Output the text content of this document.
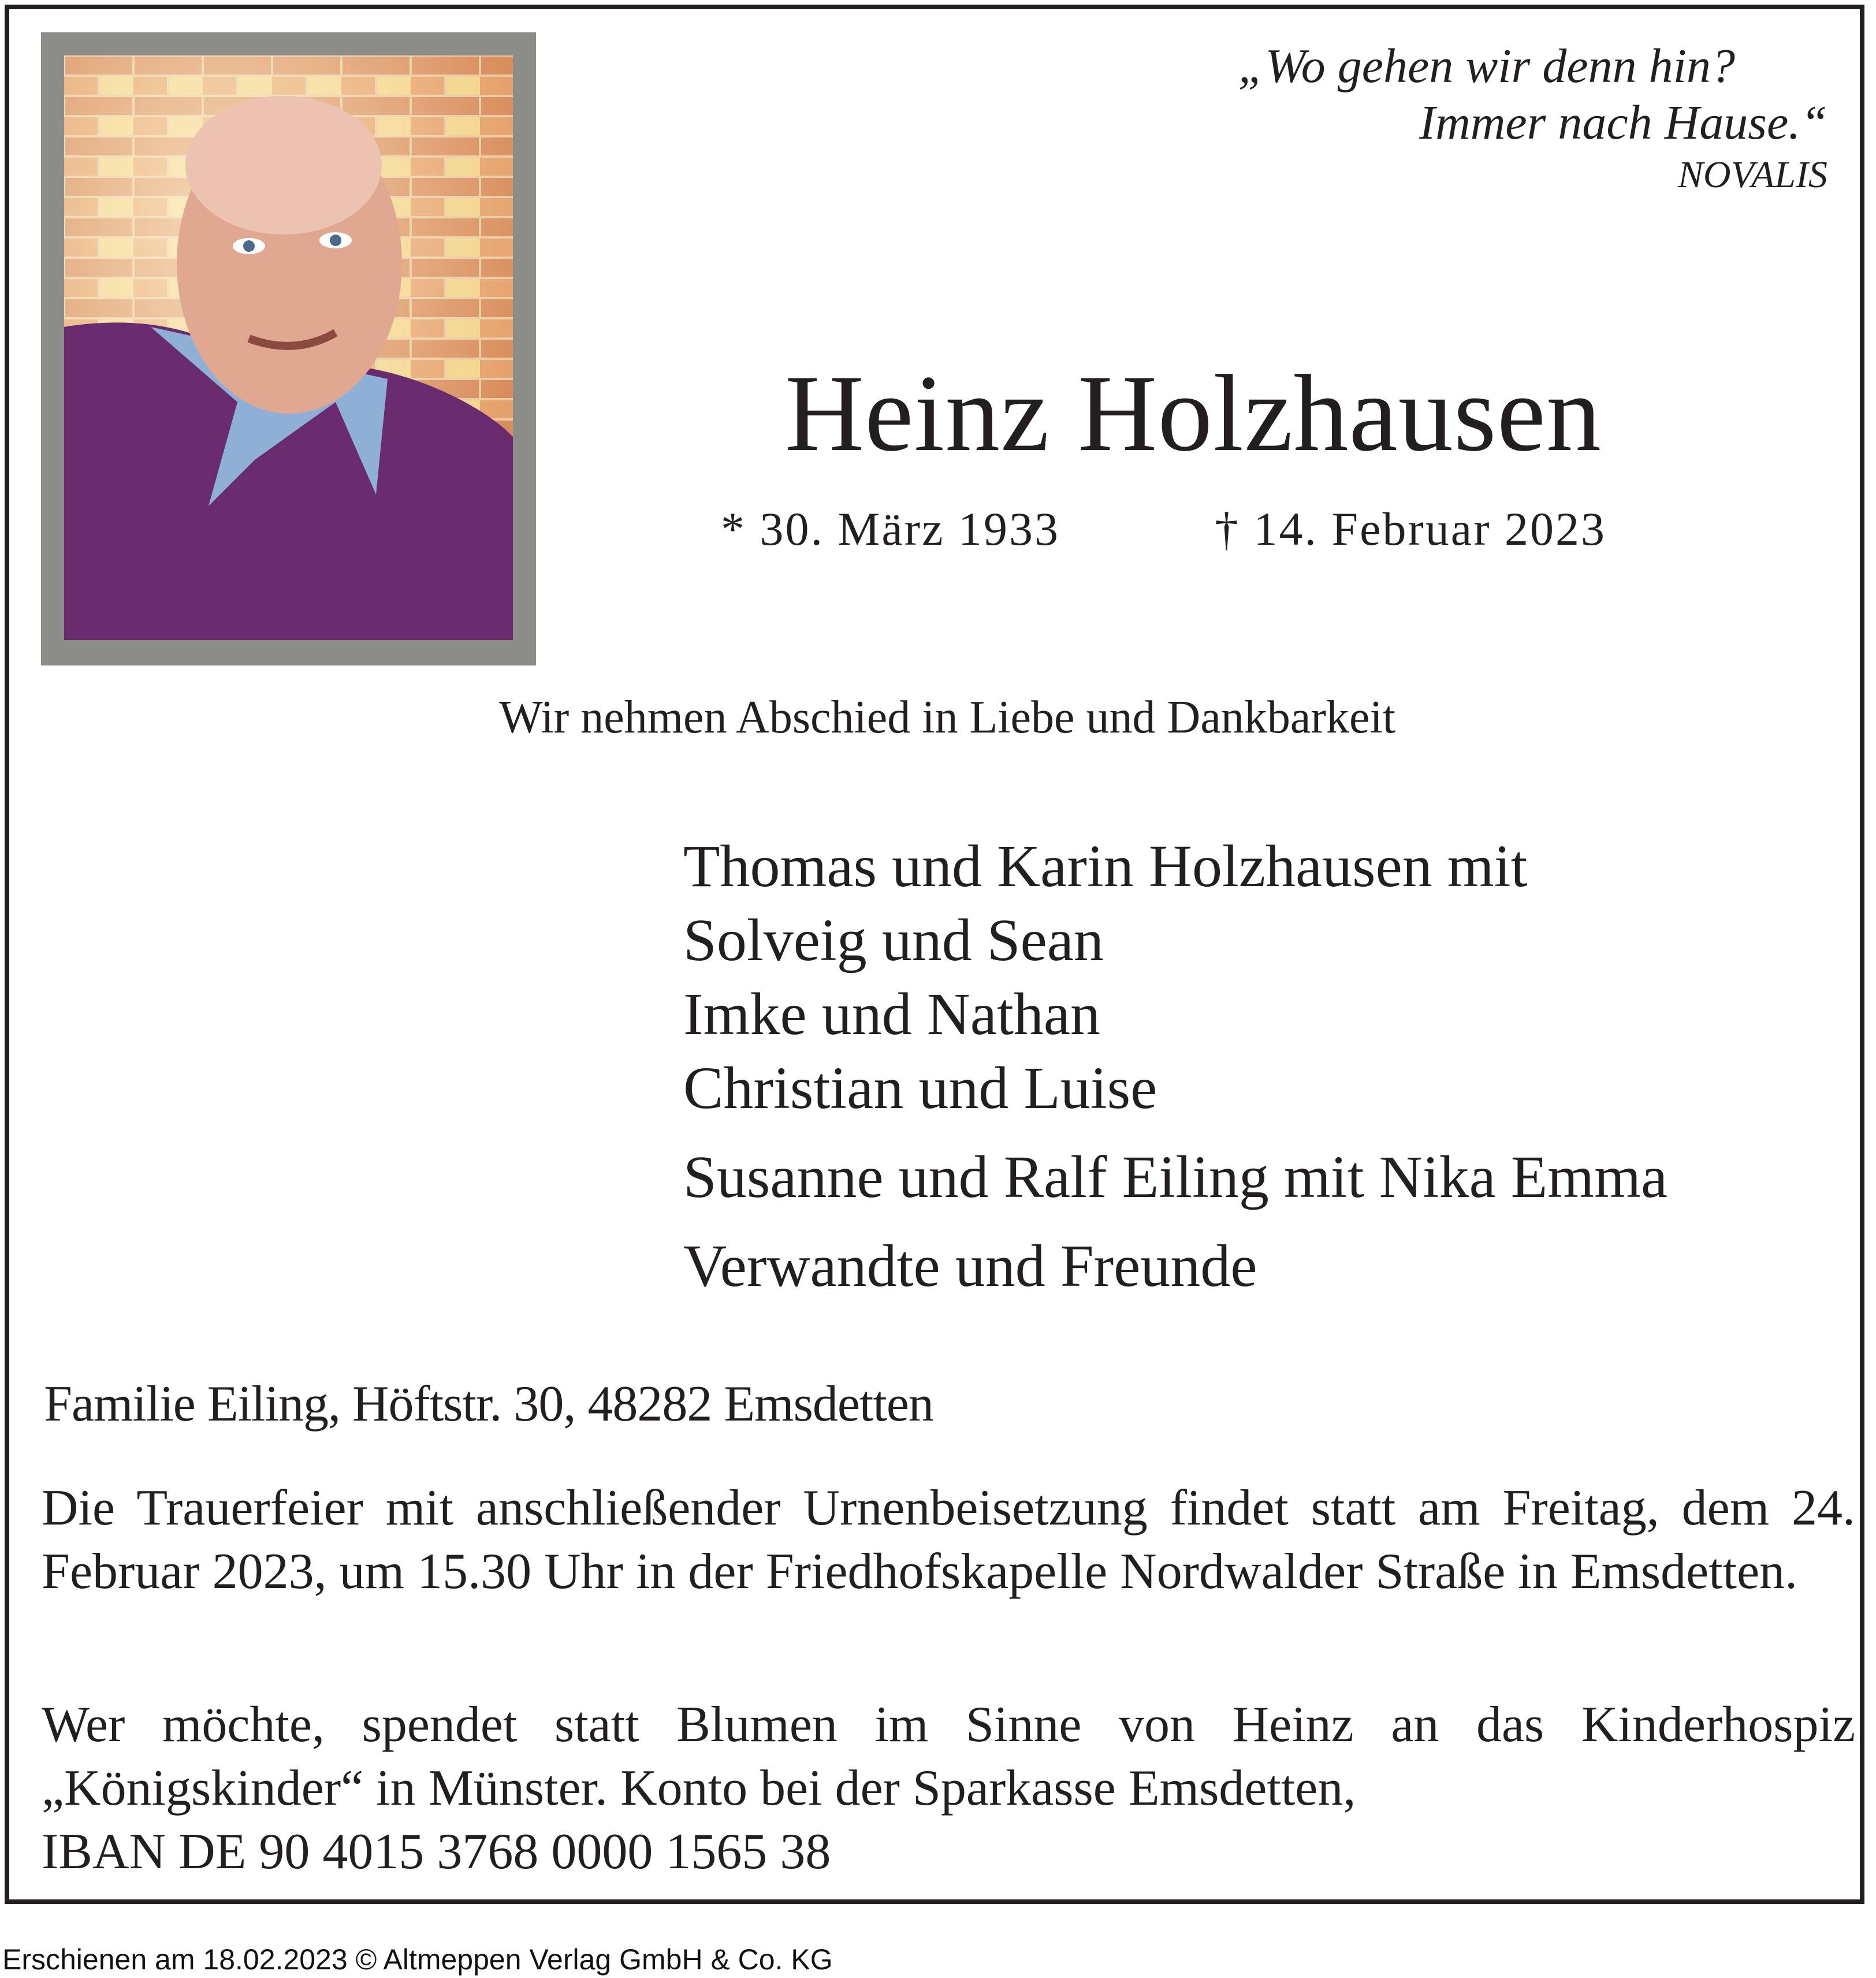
„Wo gehen wir denn hin?
Immer nach Hause.“
NOVALIS
Heinz Holzhausen
* 30. März 1933	† 14. Februar 2023
Wir nehmen Abschied in Liebe und Dankbarkeit
Thomas und Karin Holzhausen mit
Solveig und Sean
Imke und Nathan
Christian und Luise
Susanne und Ralf Eiling mit Nika Emma
Verwandte und Freunde
Familie Eiling, Höftstr. 30, 48282 Emsdetten
Die Trauerfeier mit anschließender Urnenbeisetzung findet statt am Freitag, dem 24. Februar 2023, um 15.30 Uhr in der Friedhofskapelle Nordwalder Straße in Emsdetten.
Wer möchte, spendet statt Blumen im Sinne von Heinz an das Kinderhospiz „Königskinder“ in Münster. Konto bei der Sparkasse Emsdetten,
IBAN DE 90 4015 3768 0000 1565 38
Erschienen am 18.02.2023 © Altmeppen Verlag GmbH & Co. KG
